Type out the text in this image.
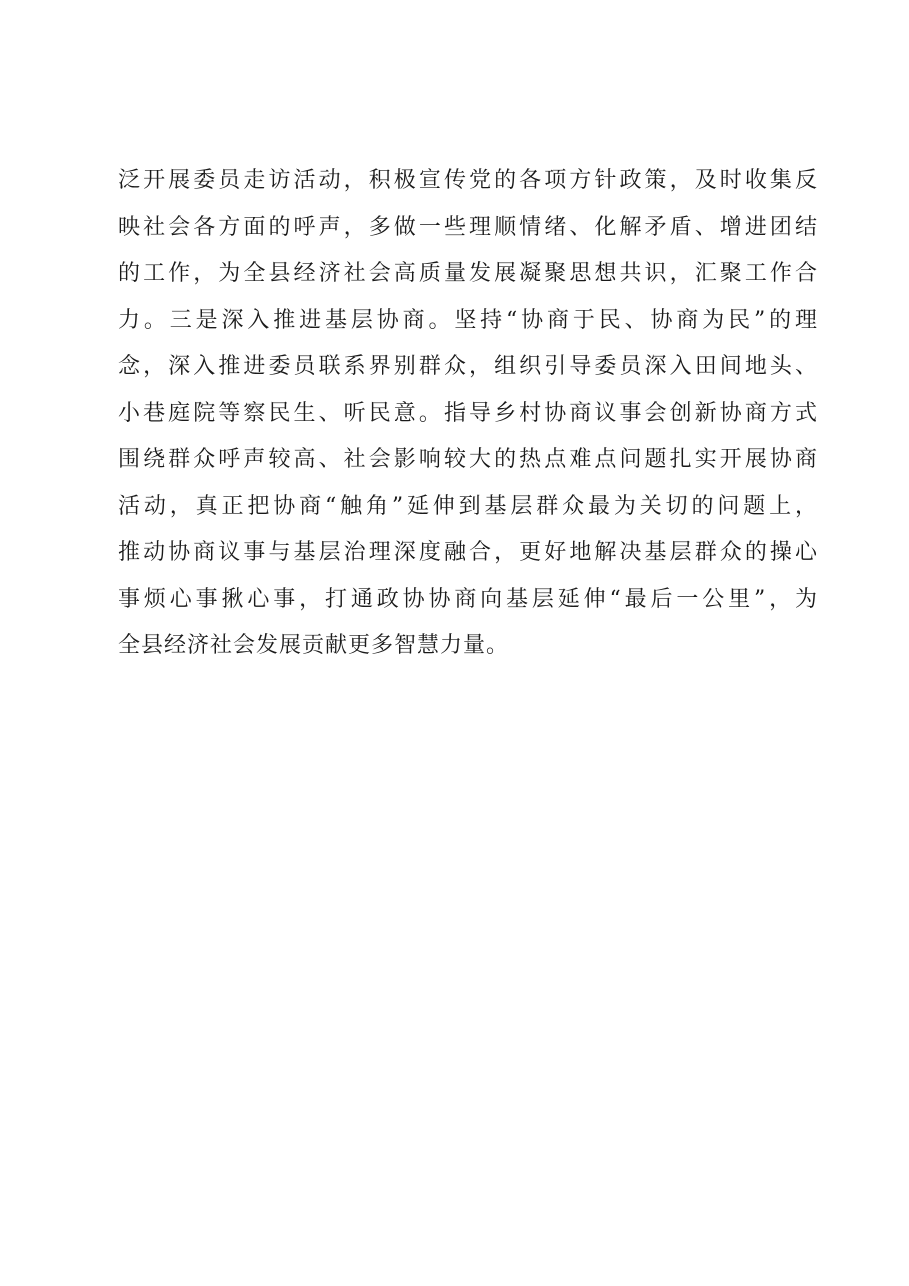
泛开展委员走访活动，积极宣传党的各项方针政策，及时收集反
映社会各方面的呼声，多做一些理顺情绪、化解矛盾、增进团结
的工作，为全县经济社会高质量发展凝聚思想共识，汇聚工作合
力。三是深入推进基层协商。坚持“协商于民、协商为民”的理
念，深入推进委员联系界别群众，组织引导委员深入田间地头、
小巷庭院等察民生、听民意。指导乡村协商议事会创新协商方式
围绕群众呼声较高、社会影响较大的热点难点问题扎实开展协商
活动，真正把协商“触角”延伸到基层群众最为关切的问题上，
推动协商议事与基层治理深度融合，更好地解决基层群众的操心
事烦心事揪心事，打通政协协商向基层延伸“最后一公里”，为
全县经济社会发展贡献更多智慧力量。
